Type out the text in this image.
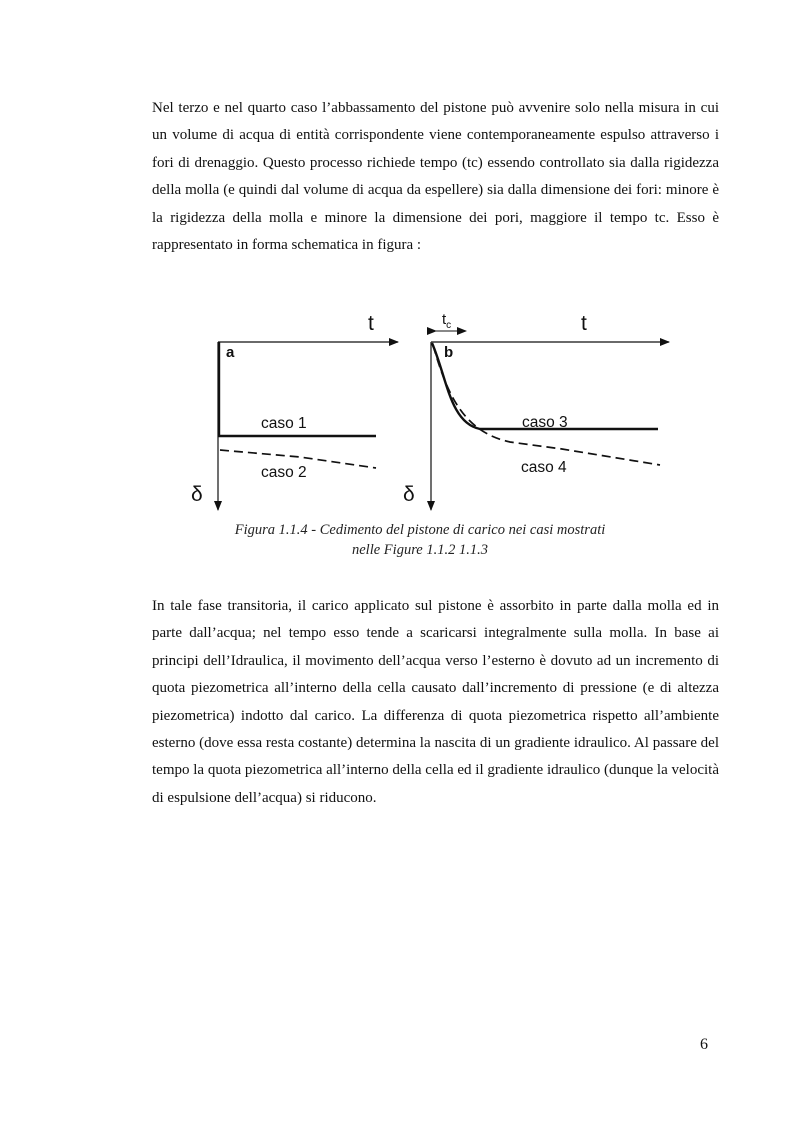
Nel terzo e nel quarto caso l’abbassamento del pistone può avvenire solo nella misura in cui un volume di acqua di entità corrispondente viene contemporaneamente espulso attraverso i fori di drenaggio. Questo processo richiede tempo (tc) essendo controllato sia dalla rigidezza della molla (e quindi dal volume di acqua da espellere) sia dalla dimensione dei fori: minore è la rigidezza della molla e minore la dimensione dei pori, maggiore il tempo tc. Esso è rappresentato in forma schematica in figura :

t
a
δ
caso 1
caso 2
t
$t_c$
b
δ
caso 3
caso 4
Figura 1.1.4 - Cedimento del pistone di carico nei casi mostrati
nelle Figure 1.1.2 1.1.3

In tale fase transitoria, il carico applicato sul pistone è assorbito in parte dalla molla ed in parte dall’acqua; nel tempo esso tende a scaricarsi integralmente sulla molla. In base ai principi dell’Idraulica, il movimento dell’acqua verso l’esterno è dovuto ad un incremento di quota piezometrica all’interno della cella causato dall’incremento di pressione (e di altezza piezometrica) indotto dal carico. La differenza di quota piezometrica rispetto all’ambiente esterno (dove essa resta costante) determina la nascita di un gradiente idraulico. Al passare del tempo la quota piezometrica all’interno della cella ed il gradiente idraulico (dunque la velocità di espulsione dell’acqua) si riducono.

6
